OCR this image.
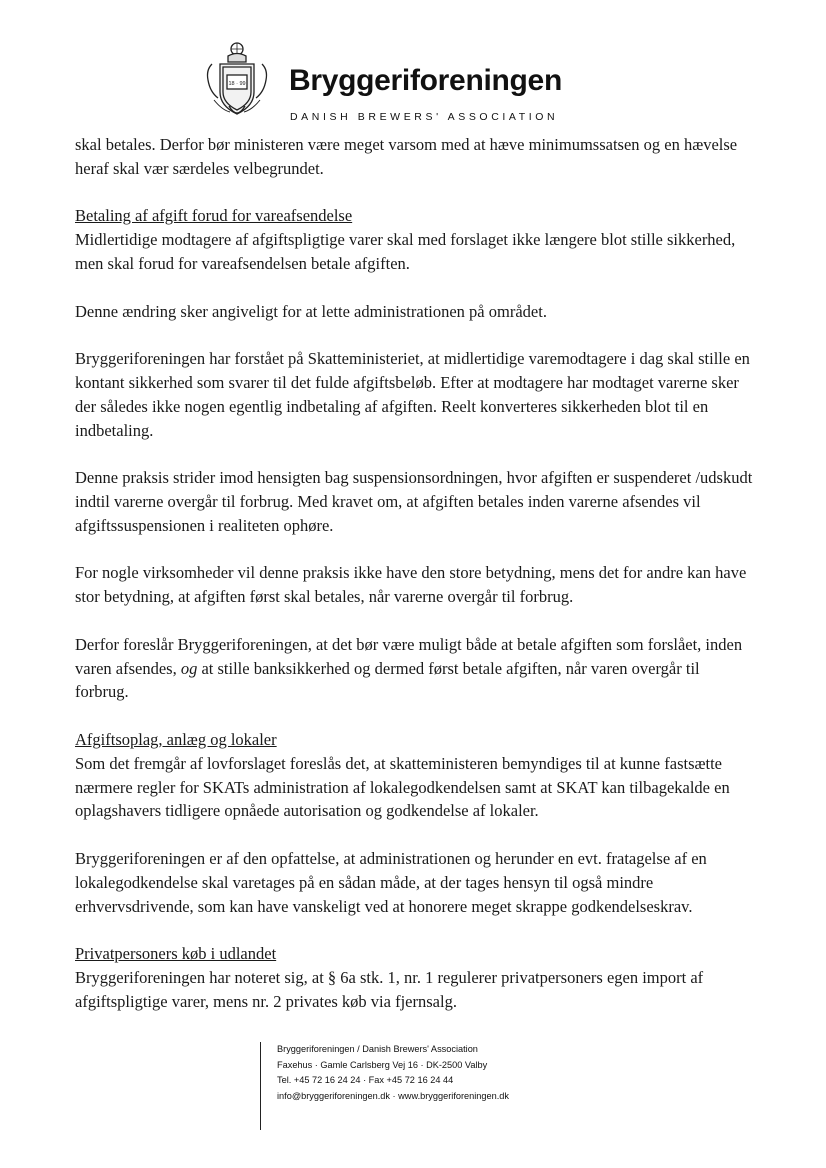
18 · 99 Bryggeriforeningen
DANISH BREWERS' ASSOCIATION

skal betales. Derfor bør ministeren være meget varsom med at hæve minimumssatsen og en hævelse heraf skal vær særdeles velbegrundet.

Betaling af afgift forud for vareafsendelse

Midlertidige modtagere af afgiftspligtige varer skal med forslaget ikke længere blot stille sikkerhed, men skal forud for vareafsendelsen betale afgiften.

Denne ændring sker angiveligt for at lette administrationen på området.

Bryggeriforeningen har forstået på Skatteministeriet, at midlertidige varemodtagere i dag skal stille en kontant sikkerhed som svarer til det fulde afgiftsbeløb. Efter at modtagere har modtaget varerne sker der således ikke nogen egentlig indbetaling af afgiften. Reelt konverteres sikkerheden blot til en indbetaling.

Denne praksis strider imod hensigten bag suspensionsordningen, hvor afgiften er suspenderet /udskudt indtil varerne overgår til forbrug. Med kravet om, at afgiften betales inden varerne afsendes vil afgiftssuspensionen i realiteten ophøre.

For nogle virksomheder vil denne praksis ikke have den store betydning, mens det for andre kan have stor betydning, at afgiften først skal betales, når varerne overgår til forbrug.

Derfor foreslår Bryggeriforeningen, at det bør være muligt både at betale afgiften som forslået, inden varen afsendes, og at stille banksikkerhed og dermed først betale afgiften, når varen overgår til forbrug.

Afgiftsoplag, anlæg og lokaler

Som det fremgår af lovforslaget foreslås det, at skatteministeren bemyndiges til at kunne fastsætte nærmere regler for SKATs administration af lokalegodkendelsen samt at SKAT kan tilbagekalde en oplagshavers tidligere opnåede autorisation og godkendelse af lokaler.

Bryggeriforeningen er af den opfattelse, at administrationen og herunder en evt. fratagelse af en lokalegodkendelse skal varetages på en sådan måde, at der tages hensyn til også mindre erhvervsdrivende, som kan have vanskeligt ved at honorere meget skrappe godkendelseskrav.

Privatpersoners køb i udlandet

Bryggeriforeningen har noteret sig, at § 6a stk. 1, nr. 1 regulerer privatpersoners egen import af afgiftspligtige varer, mens nr. 2 privates køb via fjernsalg.

Bryggeriforeningen / Danish Brewers' Association
Faxehus · Gamle Carlsberg Vej 16 · DK-2500 Valby
Tel. +45 72 16 24 24 · Fax +45 72 16 24 44
info@bryggeriforeningen.dk · www.bryggeriforeningen.dk
